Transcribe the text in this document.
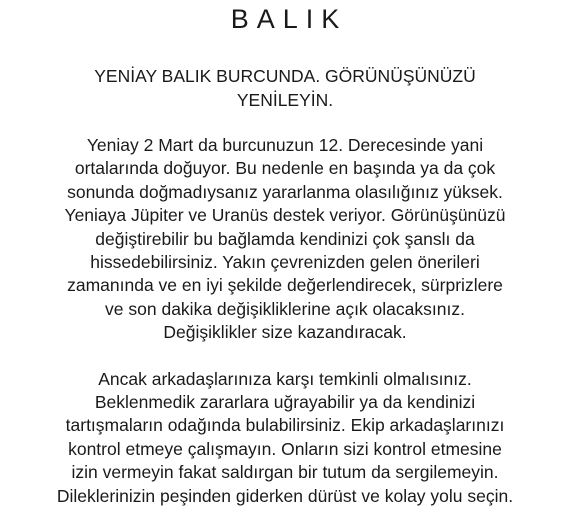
BALIK

YENİAY BALIK BURCUNDA. GÖRÜNÜŞÜNÜZÜ
YENİLEYİN.

Yeniay 2 Mart da burcunuzun 12. Derecesinde yani
ortalarında doğuyor. Bu nedenle en başında ya da çok
sonunda doğmadıysanız yararlanma olasılığınız yüksek.
Yeniaya Jüpiter ve Uranüs destek veriyor. Görünüşünüzü
değiştirebilir bu bağlamda kendinizi çok şanslı da
hissedebilirsiniz. Yakın çevrenizden gelen önerileri
zamanında ve en iyi şekilde değerlendirecek, sürprizlere
ve son dakika değişikliklerine açık olacaksınız.
Değişiklikler size kazandıracak.

Ancak arkadaşlarınıza karşı temkinli olmalısınız.
Beklenmedik zararlara uğrayabilir ya da kendinizi
tartışmaların odağında bulabilirsiniz. Ekip arkadaşlarınızı
kontrol etmeye çalışmayın. Onların sizi kontrol etmesine
izin vermeyin fakat saldırgan bir tutum da sergilemeyin.
Dileklerinizin peşinden giderken dürüst ve kolay yolu seçin.
